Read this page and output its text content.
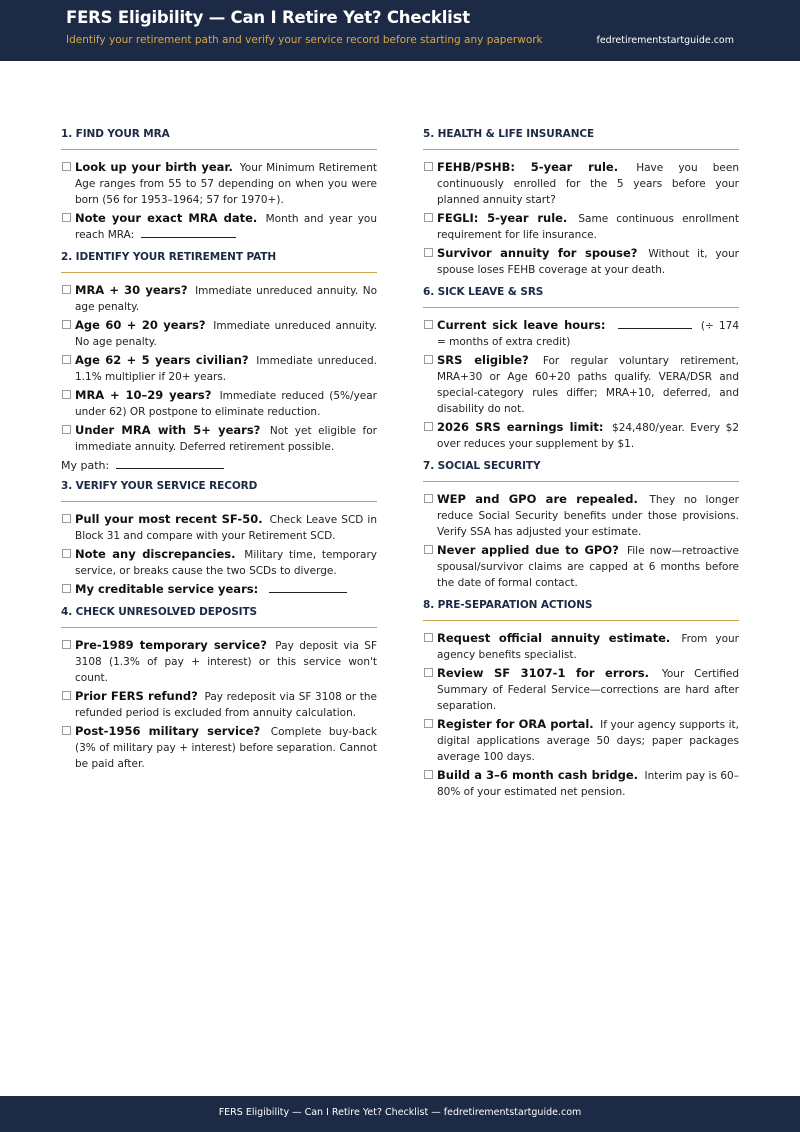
FERS Eligibility — Can I Retire Yet? Checklist
Identify your retirement path and verify your service record before starting any paperwork	fedretirementstartguide.com
1. FIND YOUR MRA
Look up your birth year. Your Minimum Retirement Age ranges from 55 to 57 depending on when you were born (56 for 1953–1964; 57 for 1970+).
Note your exact MRA date. Month and year you reach MRA:
2. IDENTIFY YOUR RETIREMENT PATH
MRA + 30 years? Immediate unreduced annuity. No age penalty.
Age 60 + 20 years? Immediate unreduced annuity. No age penalty.
Age 62 + 5 years civilian? Immediate unreduced. 1.1% multiplier if 20+ years.
MRA + 10–29 years? Immediate reduced (5%/year under 62) OR postpone to eliminate reduction.
Under MRA with 5+ years? Not yet eligible for immediate annuity. Deferred retirement possible.
My path:
3. VERIFY YOUR SERVICE RECORD
Pull your most recent SF-50. Check Leave SCD in Block 31 and compare with your Retirement SCD.
Note any discrepancies. Military time, temporary service, or breaks cause the two SCDs to diverge.
My creditable service years:
4. CHECK UNRESOLVED DEPOSITS
Pre-1989 temporary service? Pay deposit via SF 3108 (1.3% of pay + interest) or this service won't count.
Prior FERS refund? Pay redeposit via SF 3108 or the refunded period is excluded from annuity calculation.
Post-1956 military service? Complete buy-back (3% of military pay + interest) before separation. Cannot be paid after.
5. HEALTH & LIFE INSURANCE
FEHB/PSHB: 5-year rule. Have you been continuously enrolled for the 5 years before your planned annuity start?
FEGLI: 5-year rule. Same continuous enrollment requirement for life insurance.
Survivor annuity for spouse? Without it, your spouse loses FEHB coverage at your death.
6. SICK LEAVE & SRS
Current sick leave hours:	(÷ 174 = months of extra credit)
SRS eligible? For regular voluntary retirement, MRA+30 or Age 60+20 paths qualify. VERA/DSR and special-category rules differ; MRA+10, deferred, and disability do not.
2026 SRS earnings limit: $24,480/year. Every $2 over reduces your supplement by $1.
7. SOCIAL SECURITY
WEP and GPO are repealed. They no longer reduce Social Security benefits under those provisions. Verify SSA has adjusted your estimate.
Never applied due to GPO? File now—retroactive spousal/survivor claims are capped at 6 months before the date of formal contact.
8. PRE-SEPARATION ACTIONS
Request official annuity estimate. From your agency benefits specialist.
Review SF 3107-1 for errors. Your Certified Summary of Federal Service—corrections are hard after separation.
Register for ORA portal. If your agency supports it, digital applications average 50 days; paper packages average 100 days.
Build a 3–6 month cash bridge. Interim pay is 60–80% of your estimated net pension.
FERS Eligibility — Can I Retire Yet? Checklist — fedretirementstartguide.com
